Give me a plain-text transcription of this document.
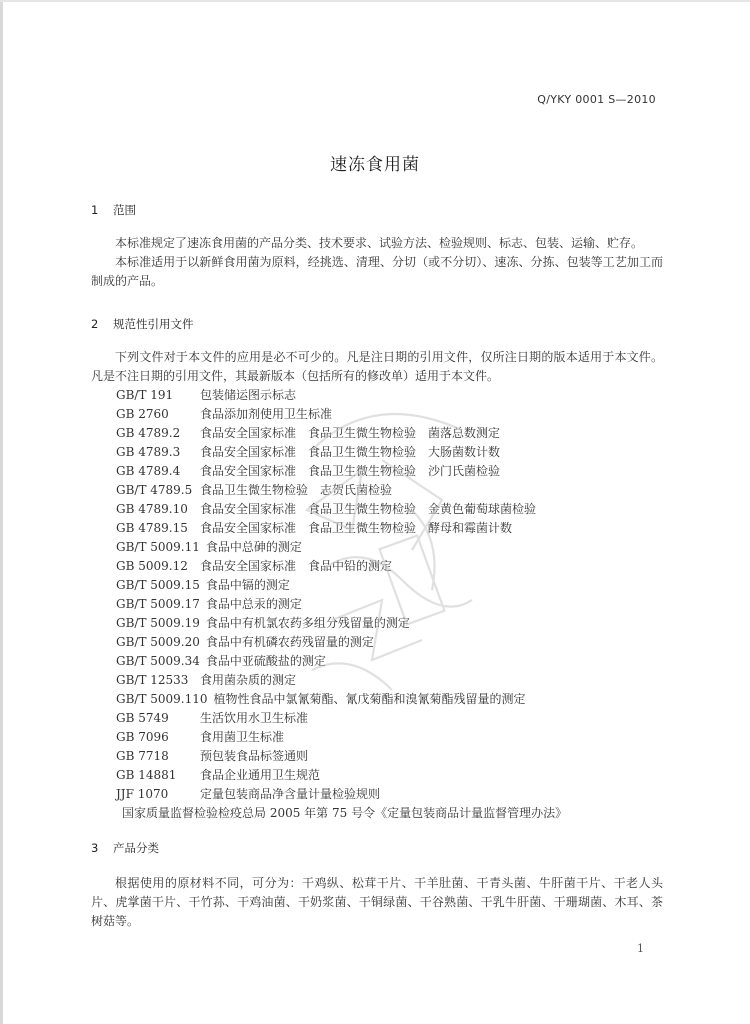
Q/YKY 0001 S—2010
速冻食用菌
1 范围

本标准规定了速冻食用菌的产品分类、技术要求、试验方法、检验规则、标志、包装、运输、贮存。

本标准适用于以新鲜食用菌为原料，经挑选、清理、分切（或不分切）、速冻、分拣、包装等工艺加工而制成的产品。

2 规范性引用文件

下列文件对于本文件的应用是必不可少的。凡是注日期的引用文件，仅所注日期的版本适用于本文件。凡是不注日期的引用文件，其最新版本（包括所有的修改单）适用于本文件。

GB/T 191 包装储运图示标志
GB 2760	食品添加剂使用卫生标准
GB 4789.2 食品安全国家标准　食品卫生微生物检验　菌落总数测定
GB 4789.3 食品安全国家标准　食品卫生微生物检验　大肠菌数计数
GB 4789.4 食品安全国家标准　食品卫生微生物检验　沙门氏菌检验
GB/T 4789.5 食品卫生微生物检验　志贺氏菌检验
GB 4789.10 食品安全国家标准　食品卫生微生物检验　金黄色葡萄球菌检验
GB 4789.15 食品安全国家标准　食品卫生微生物检验　酵母和霉菌计数
GB/T 5009.11 食品中总砷的测定
GB 5009.12 食品安全国家标准　食品中铅的测定
GB/T 5009.15 食品中镉的测定
GB/T 5009.17 食品中总汞的测定
GB/T 5009.19 食品中有机氯农药多组分残留量的测定
GB/T 5009.20 食品中有机磷农药残留量的测定
GB/T 5009.34 食品中亚硫酸盐的测定
GB/T 12533 食用菌杂质的测定
GB/T 5009.110 植物性食品中氯氰菊酯、氰戊菊酯和溴氰菊酯残留量的测定
GB 5749	生活饮用水卫生标准
GB 7096	食用菌卫生标准
GB 7718	预包装食品标签通则
GB 14881 食品企业通用卫生规范
JJF 1070	定量包装商品净含量计量检验规则
国家质量监督检验检疫总局 2005 年第 75 号令《定量包装商品计量监督管理办法》
3 产品分类

根据使用的原材料不同，可分为：干鸡纵、松茸干片、干羊肚菌、干青头菌、牛肝菌干片、干老人头片、虎掌菌干片、干竹荪、干鸡油菌、干奶浆菌、干铜绿菌、干谷熟菌、干乳牛肝菌、干珊瑚菌、木耳、茶树菇等。

1
